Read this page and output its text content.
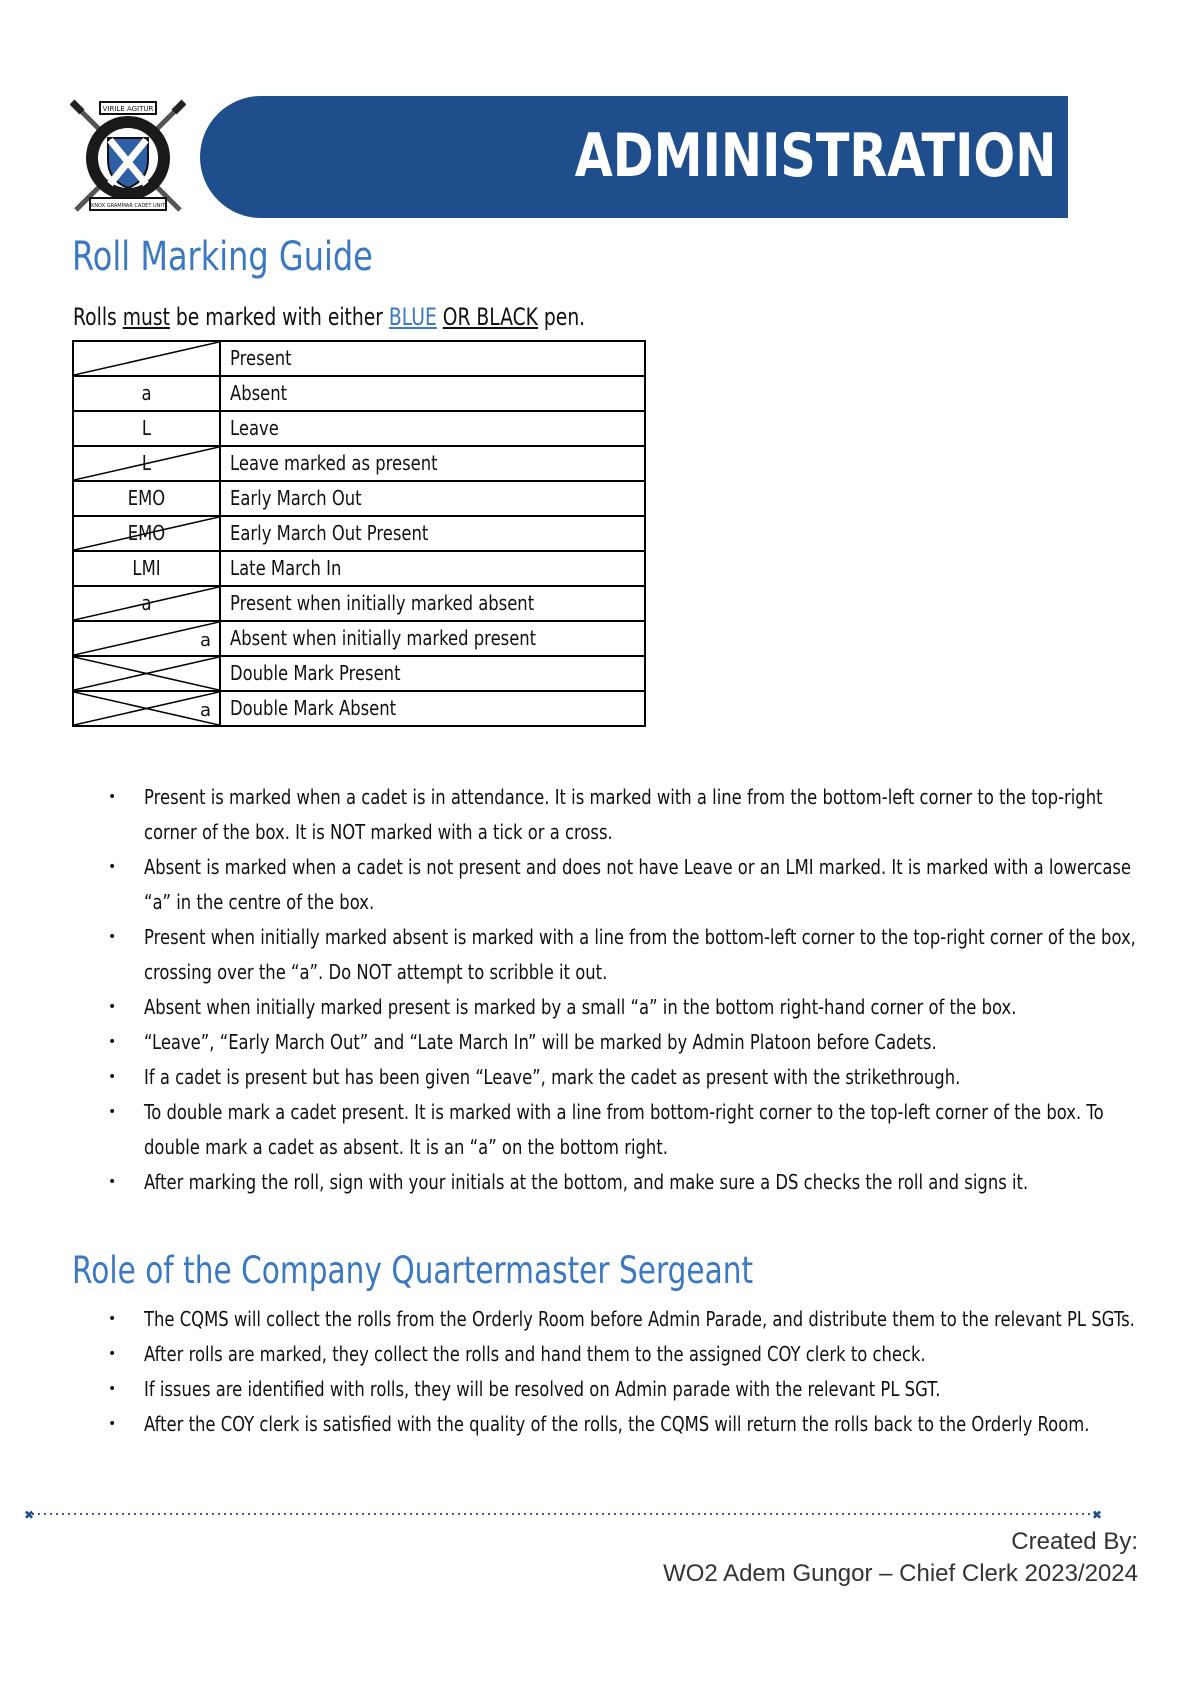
VIRILE AGITUR
KNOX GRAMMAR CADET UNIT
ADMINISTRATION
Roll Marking Guide
Rolls must be marked with either BLUE OR BLACK pen.
	Present

a	Absent

L	Leave

L	Leave marked as present

EMO	Early March Out

EMO	Early March Out Present

LMI	Late March In

a	Present when initially marked absent

a	Absent when initially marked present

	Double Mark Present

a	Double Mark Absent
• Present is marked when a cadet is in attendance. It is marked with a line from the bottom-left corner to the top-right corner of the box. It is NOT marked with a tick or a cross.
• Absent is marked when a cadet is not present and does not have Leave or an LMI marked. It is marked with a lowercase “a” in the centre of the box.
• Present when initially marked absent is marked with a line from the bottom-left corner to the top-right corner of the box, crossing over the “a”. Do NOT attempt to scribble it out.
• Absent when initially marked present is marked by a small “a” in the bottom right-hand corner of the box.
• “Leave”, “Early March Out” and “Late March In” will be marked by Admin Platoon before Cadets.
• If a cadet is present but has been given “Leave”, mark the cadet as present with the strikethrough.
• To double mark a cadet present. It is marked with a line from bottom-right corner to the top-left corner of the box. To double mark a cadet as absent. It is an “a” on the bottom right.
• After marking the roll, sign with your initials at the bottom, and make sure a DS checks the roll and signs it.
Role of the Company Quartermaster Sergeant
• The CQMS will collect the rolls from the Orderly Room before Admin Parade, and distribute them to the relevant PL SGTs.
• After rolls are marked, they collect the rolls and hand them to the assigned COY clerk to check.
• If issues are identified with rolls, they will be resolved on Admin parade with the relevant PL SGT.
• After the COY clerk is satisfied with the quality of the rolls, the CQMS will return the rolls back to the Orderly Room.
✖	✖
Created By:
WO2 Adem Gungor – Chief Clerk 2023/2024
